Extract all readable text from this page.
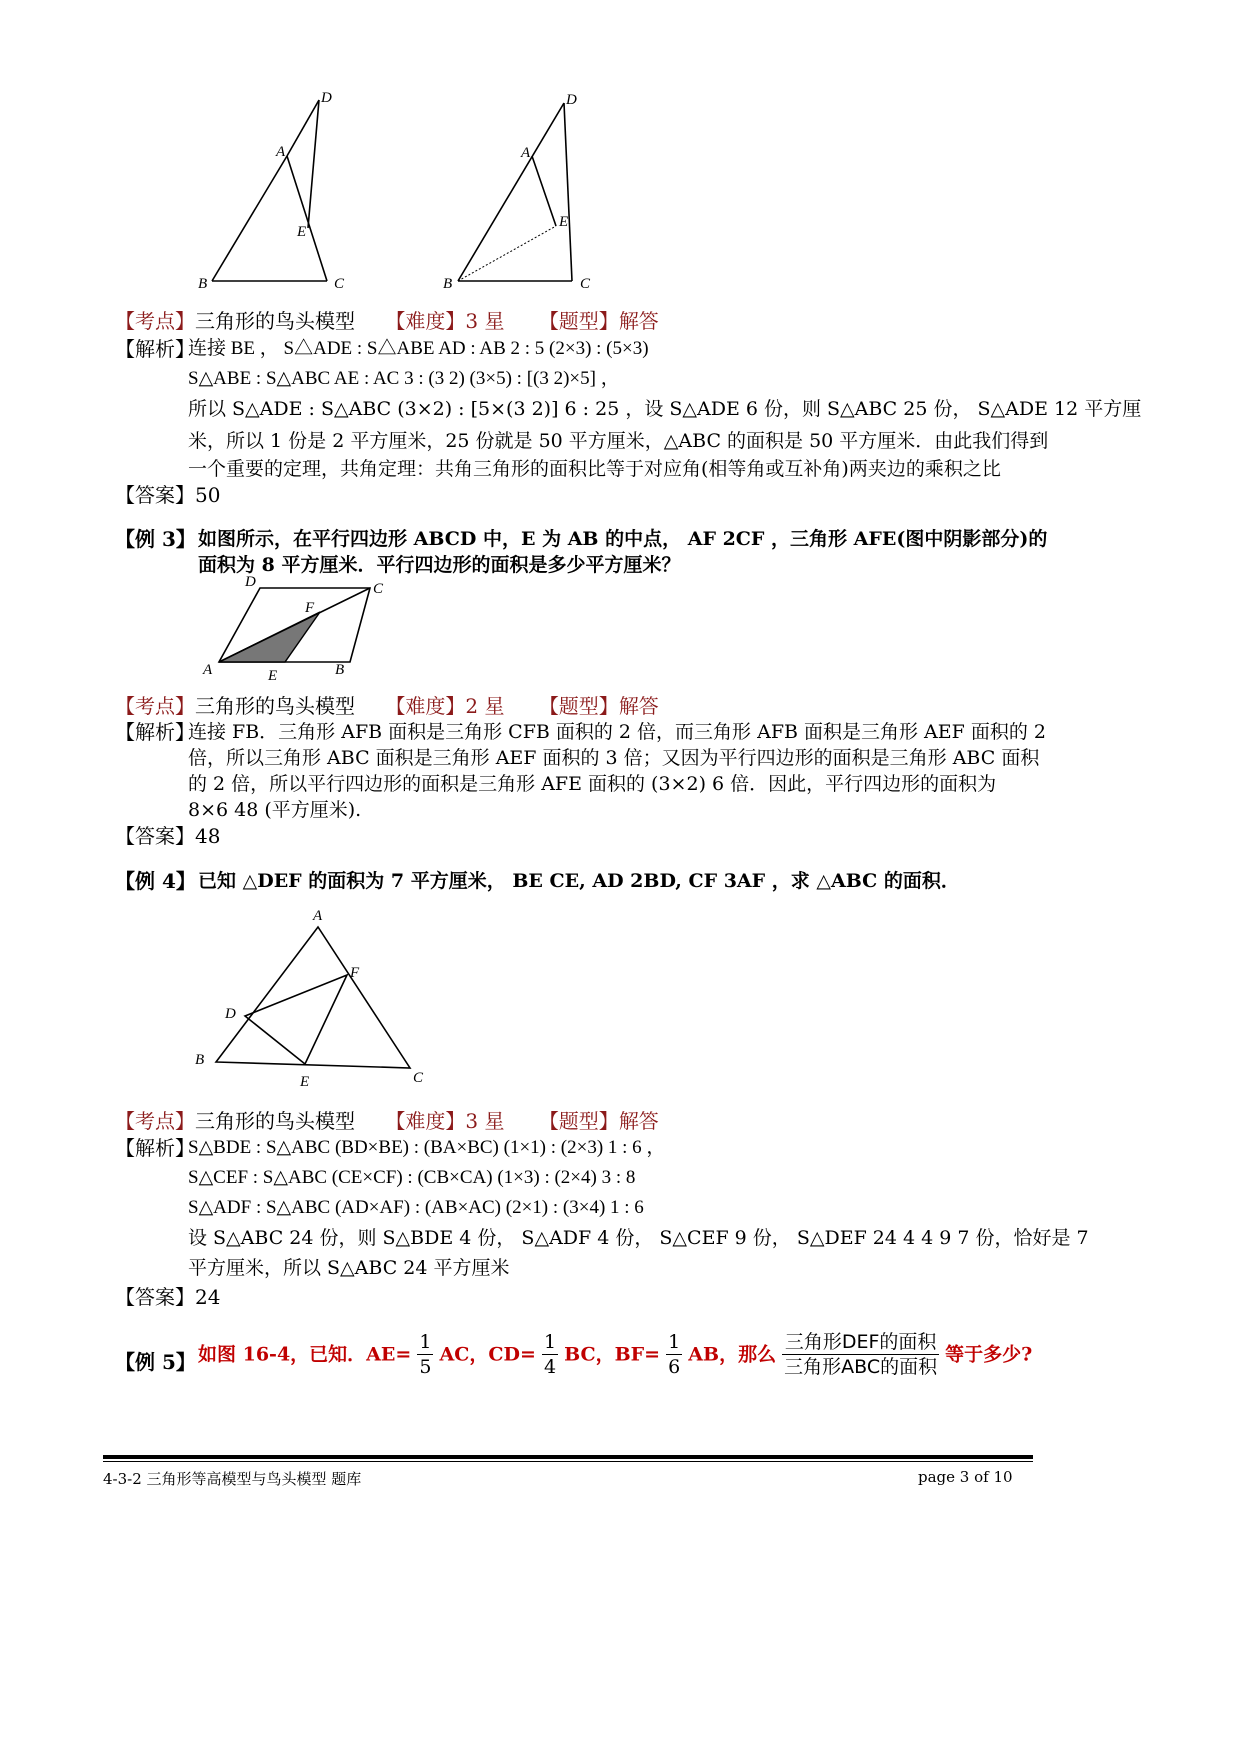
D
A
E
B	C
D
A
E
B	C
【考点】三角形的鸟头模型 【难度】3 星 【题型】解答
【解析】
连接 BE ， S△ADE : S△ABE AD : AB 2 : 5 (2×3) : (5×3)
S△ABE : S△ABC AE : AC 3 : (3 2) (3×5) : [(3 2)×5] ，
所以 S△ADE : S△ABC (3×2) : [5×(3 2)] 6 : 25 ，设 S△ADE 6 份，则 S△ABC 25 份， S△ADE 12 平方厘
米，所以 1 份是 2 平方厘米，25 份就是 50 平方厘米，△ABC 的面积是 50 平方厘米．由此我们得到
一个重要的定理，共角定理：共角三角形的面积比等于对应角(相等角或互补角)两夹边的乘积之比
【答案】50
【例 3】 如图所示，在平行四边形 ABCD 中，E 为 AB 的中点， AF 2CF ，三角形 AFE(图中阴影部分)的
面积为 8 平方厘米．平行四边形的面积是多少平方厘米？
D	C
F
A	E	B
【考点】三角形的鸟头模型 【难度】2 星 【题型】解答
【解析】
连接 FB．三角形 AFB 面积是三角形 CFB 面积的 2 倍，而三角形 AFB 面积是三角形 AEF 面积的 2
倍，所以三角形 ABC 面积是三角形 AEF 面积的 3 倍；又因为平行四边形的面积是三角形 ABC 面积
的 2 倍，所以平行四边形的面积是三角形 AFE 面积的 (3×2) 6 倍．因此，平行四边形的面积为
8×6 48 (平方厘米).
【答案】48
【例 4】 已知 △DEF 的面积为 7 平方厘米， BE CE, AD 2BD, CF 3AF ，求 △ABC 的面积．
A
F
D
B
E	C
【考点】三角形的鸟头模型 【难度】3 星 【题型】解答
【解析】
S△BDE : S△ABC (BD×BE) : (BA×BC) (1×1) : (2×3) 1 : 6 ，
S△CEF : S△ABC (CE×CF) : (CB×CA) (1×3) : (2×4) 3 : 8
S△ADF : S△ABC (AD×AF) : (AB×AC) (2×1) : (3×4) 1 : 6
设 S△ABC 24 份，则 S△BDE 4 份， S△ADF 4 份， S△CEF 9 份， S△DEF 24 4 4 9 7 份，恰好是 7
平方厘米，所以 S△ABC 24 平方厘米
【答案】24
【例 5】 如图 16-4，已知．$AE= \frac{1}{5}$ AC，$CD= \frac{1}{4}$ BC，$BF= \frac{1}{6}$ AB，那么 $\frac{\text{三角形DEF的面积}}{\text{三角形ABC的面积}}$ 等于多少?
4-3-2 三角形等高模型与鸟头模型 题库	page 3 of 10
